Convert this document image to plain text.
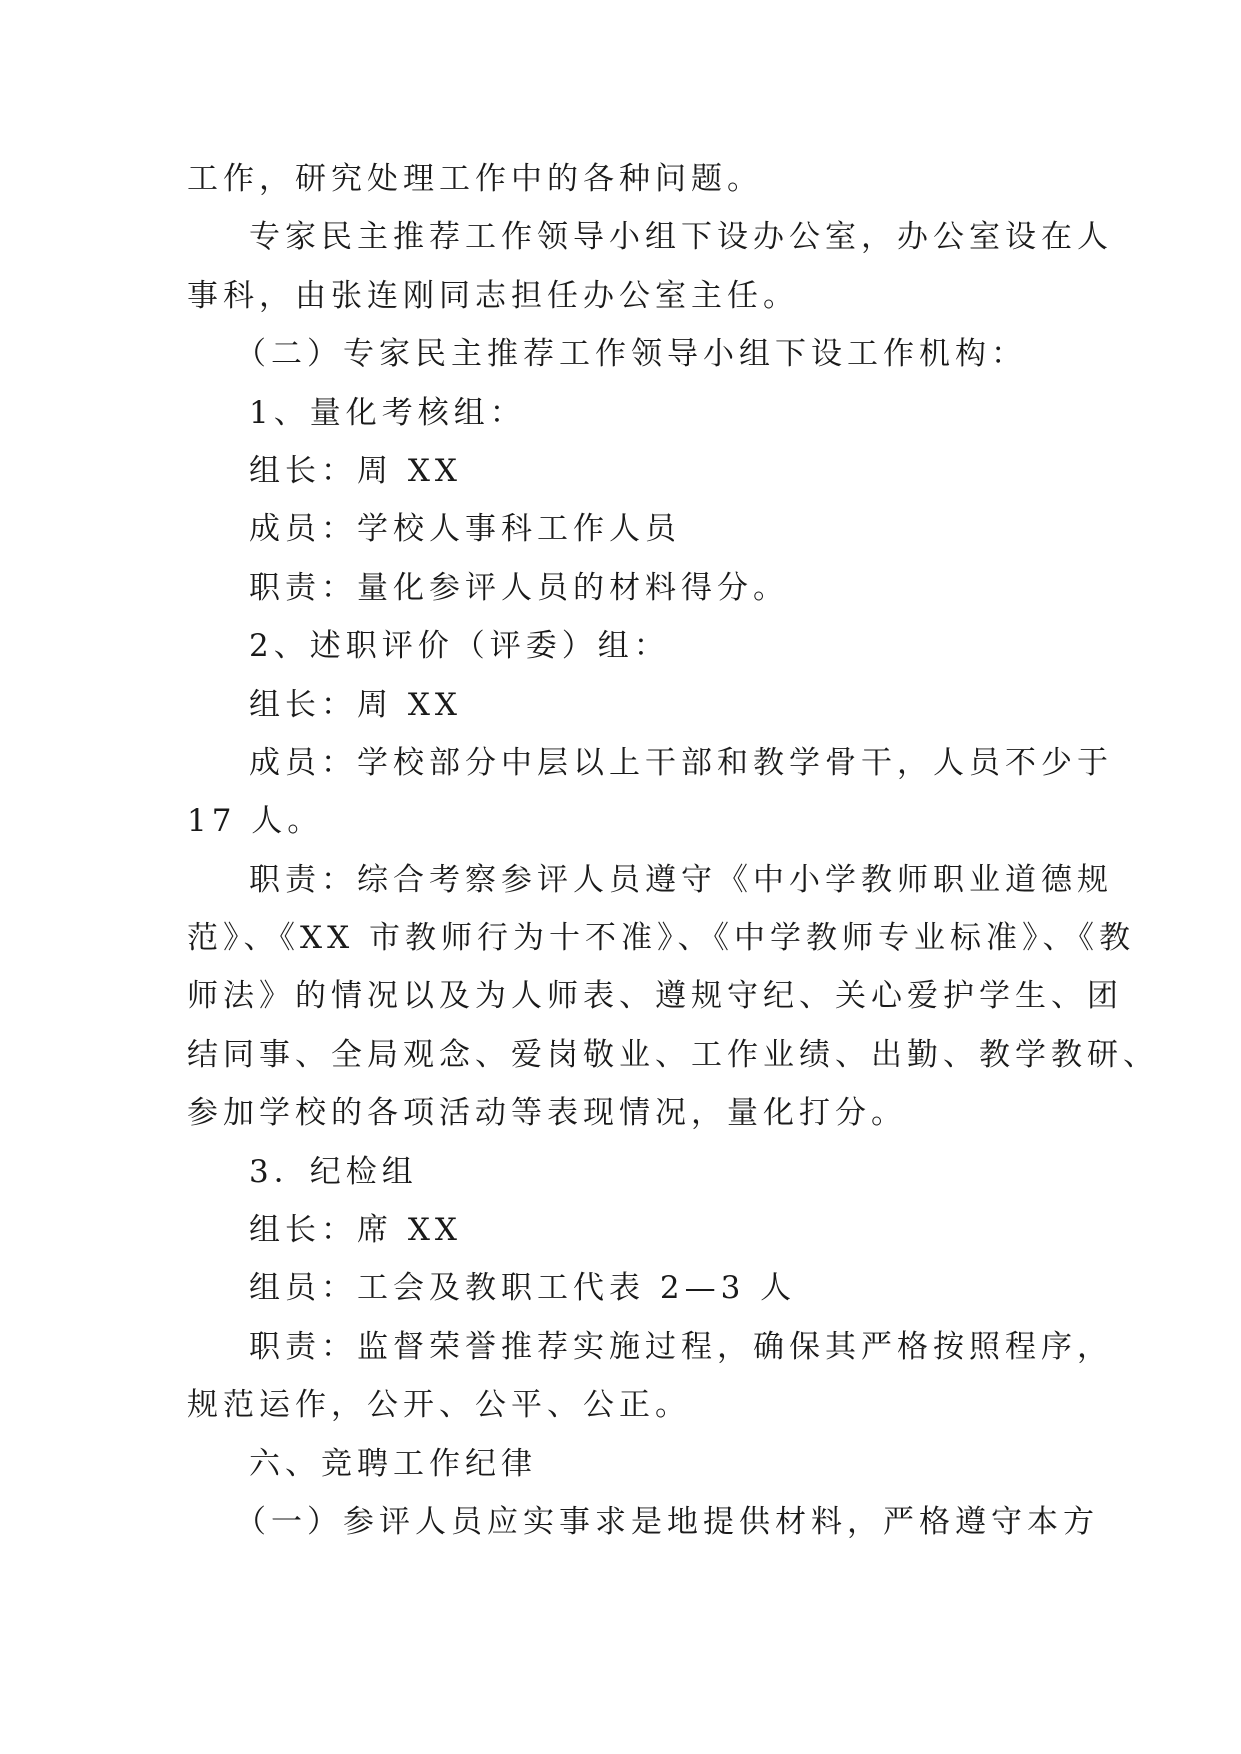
工作，研究处理工作中的各种问题。
专家民主推荐工作领导小组下设办公室，办公室设在人
事科，由张连刚同志担任办公室主任。
（二）专家民主推荐工作领导小组下设工作机构：
1、量化考核组：
组长：周 XX
成员：学校人事科工作人员
职责：量化参评人员的材料得分。
2、述职评价（评委）组：
组长：周 XX
成员：学校部分中层以上干部和教学骨干，人员不少于
17 人。
职责：综合考察参评人员遵守《中小学教师职业道德规
范》、《XX 市教师行为十不准》、《中学教师专业标准》、《教
师法》的情况以及为人师表、遵规守纪、关心爱护学生、团
结同事、全局观念、爱岗敬业、工作业绩、出勤、教学教研、
参加学校的各项活动等表现情况，量化打分。
3．纪检组
组长：席 XX
组员：工会及教职工代表 2—3 人
职责：监督荣誉推荐实施过程，确保其严格按照程序，
规范运作，公开、公平、公正。
六、竞聘工作纪律
（一）参评人员应实事求是地提供材料，严格遵守本方
